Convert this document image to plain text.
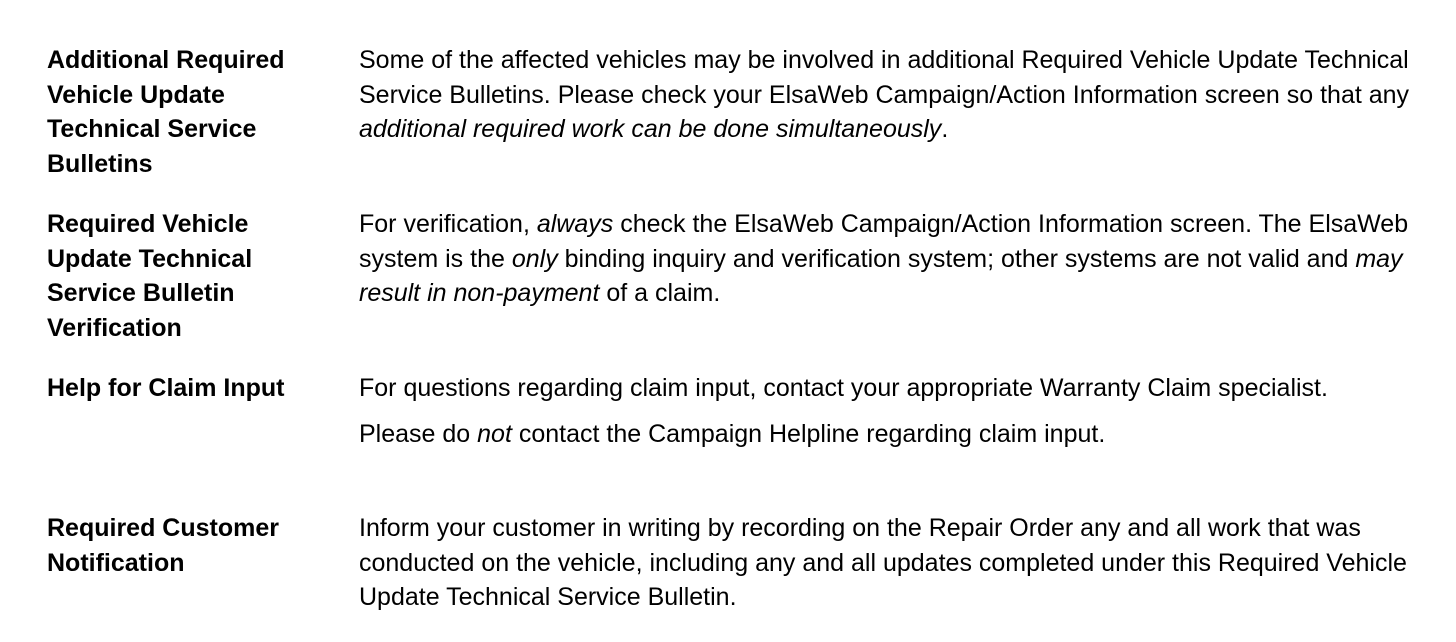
Additional Required Vehicle Update Technical Service Bulletins
Some of the affected vehicles may be involved in additional Required Vehicle Update Technical Service Bulletins. Please check your ElsaWeb Campaign/Action Information screen so that any additional required work can be done simultaneously.
Required Vehicle Update Technical Service Bulletin Verification
For verification, always check the ElsaWeb Campaign/Action Information screen. The ElsaWeb system is the only binding inquiry and verification system; other systems are not valid and may result in non-payment of a claim.
Help for Claim Input	For questions regarding claim input, contact your appropriate Warranty Claim specialist.
Please do not contact the Campaign Helpline regarding claim input.
Required Customer Notification
Inform your customer in writing by recording on the Repair Order any and all work that was conducted on the vehicle, including any and all updates completed under this Required Vehicle Update Technical Service Bulletin.
